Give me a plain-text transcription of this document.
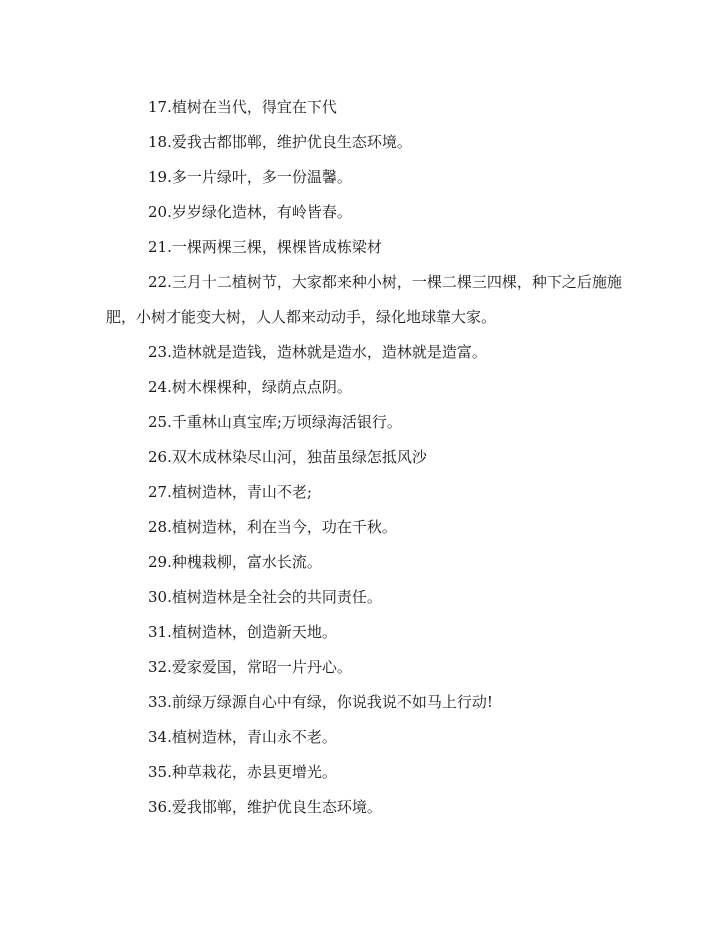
17.植树在当代，得宜在下代

18.爱我古都邯郸，维护优良生态环境。

19.多一片绿叶，多一份温馨。

20.岁岁绿化造林，有岭皆春。

21.一棵两棵三棵，棵棵皆成栋梁材

22.三月十二植树节，大家都来种小树，一棵二棵三四棵，种下之后施施肥，小树才能变大树，人人都来动动手，绿化地球靠大家。

23.造林就是造钱，造林就是造水，造林就是造富。

24.树木棵棵种，绿荫点点阴。

25.千重林山真宝库;万顷绿海活银行。

26.双木成林染尽山河，独苗虽绿怎抵风沙

27.植树造林，青山不老;

28.植树造林，利在当今，功在千秋。

29.种槐栽柳，富水长流。

30.植树造林是全社会的共同责任。

31.植树造林，创造新天地。

32.爱家爱国，常昭一片丹心。

33.前绿万绿源自心中有绿，你说我说不如马上行动!

34.植树造林，青山永不老。

35.种草栽花，赤县更增光。

36.爱我邯郸，维护优良生态环境。
